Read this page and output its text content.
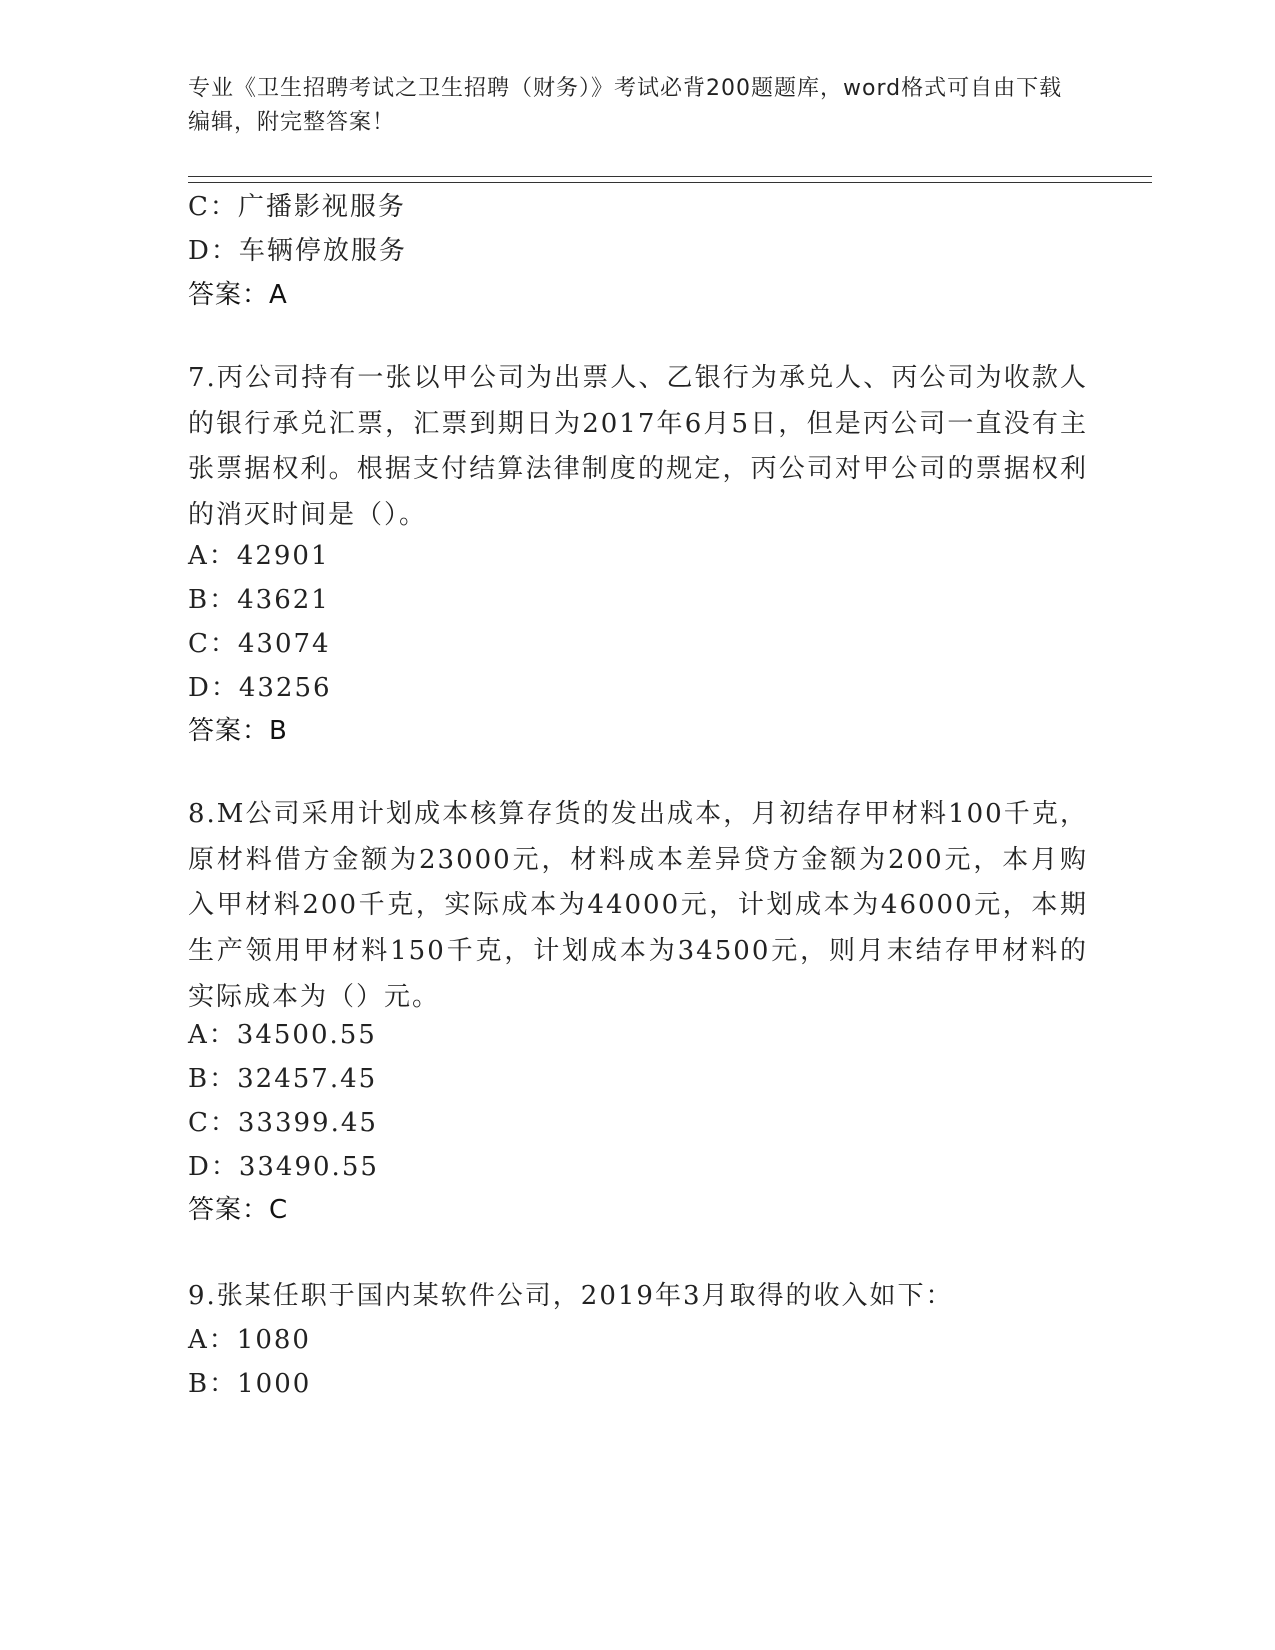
专业《卫生招聘考试之卫生招聘（财务）》考试必背200题题库，word格式可自由下载编辑，附完整答案！
C：广播影视服务
D：车辆停放服务
答案：A
7.丙公司持有一张以甲公司为出票人、乙银行为承兑人、丙公司为收款人的银行承兑汇票，汇票到期日为2017年6月5日，但是丙公司一直没有主张票据权利。根据支付结算法律制度的规定，丙公司对甲公司的票据权利的消灭时间是（）。
A：42901
B：43621
C：43074
D：43256
答案：B
8.M公司采用计划成本核算存货的发出成本，月初结存甲材料100千克，原材料借方金额为23000元，材料成本差异贷方金额为200元，本月购入甲材料200千克，实际成本为44000元，计划成本为46000元，本期生产领用甲材料150千克，计划成本为34500元，则月末结存甲材料的实际成本为（）元。
A：34500.55
B：32457.45
C：33399.45
D：33490.55
答案：C
9.张某任职于国内某软件公司，2019年3月取得的收入如下：
A：1080
B：1000
